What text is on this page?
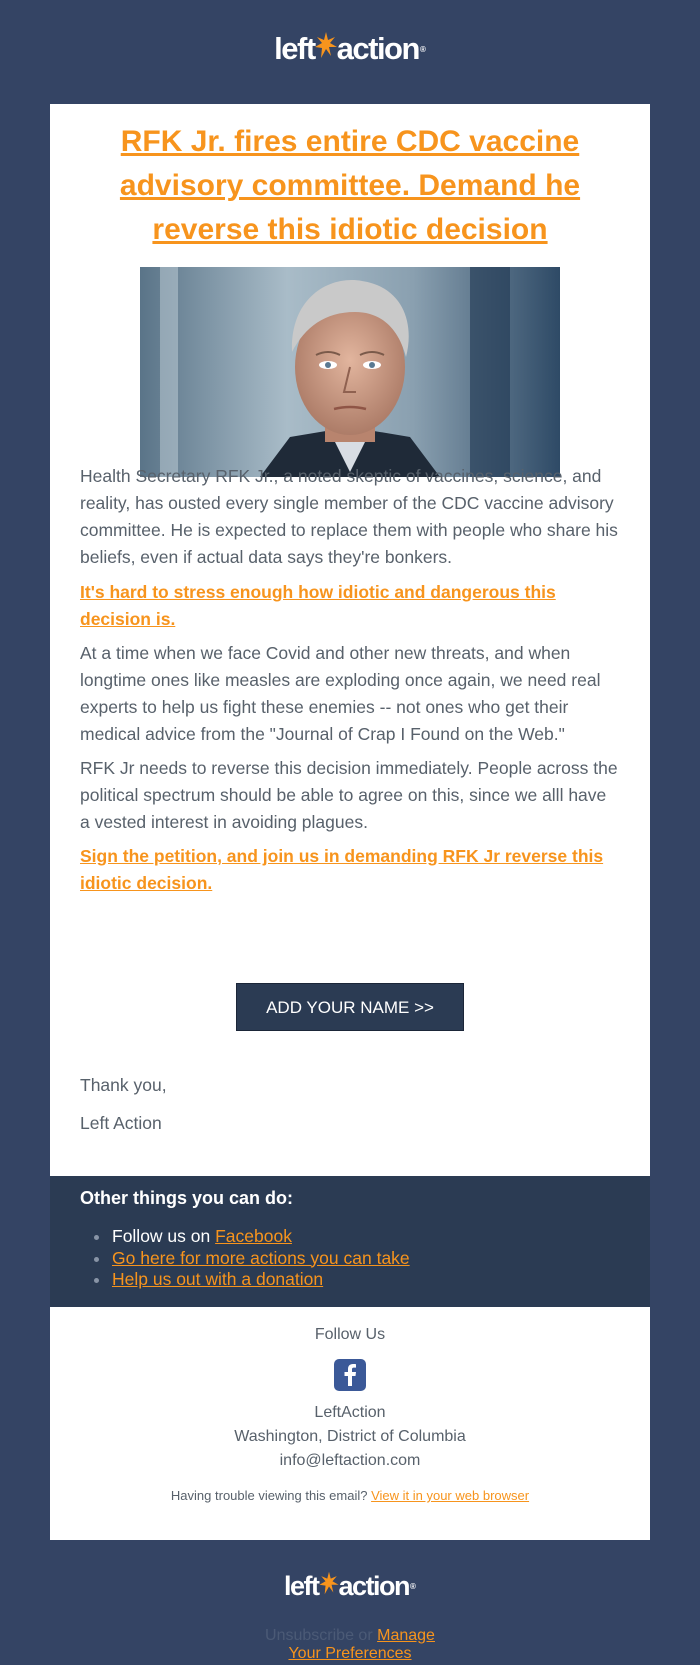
left action ®
RFK Jr. fires entire CDC vaccine advisory committee. Demand he reverse this idiotic decision

Health Secretary RFK Jr., a noted skeptic of vaccines, science, and reality, has ousted every single member of the CDC vaccine advisory committee. He is expected to replace them with people who share his beliefs, even if actual data says they're bonkers.

It's hard to stress enough how idiotic and dangerous this decision is.

At a time when we face Covid and other new threats, and when longtime ones like measles are exploding once again, we need real experts to help us fight these enemies -- not ones who get their medical advice from the "Journal of Crap I Found on the Web."

RFK Jr needs to reverse this decision immediately. People across the political spectrum should be able to agree on this, since we alll have a vested interest in avoiding plagues.

Sign the petition, and join us in demanding RFK Jr reverse this idiotic decision.

ADD YOUR NAME >>
Thank you,
Left Action
Other things you can do:
Follow us on Facebook
Go here for more actions you can take
Help us out with a donation
Follow Us
LeftAction
Washington, District of Columbia
info@leftaction.com
Having trouble viewing this email? View it in your web browser
left action ®
Unsubscribe or Manage
Your Preferences
